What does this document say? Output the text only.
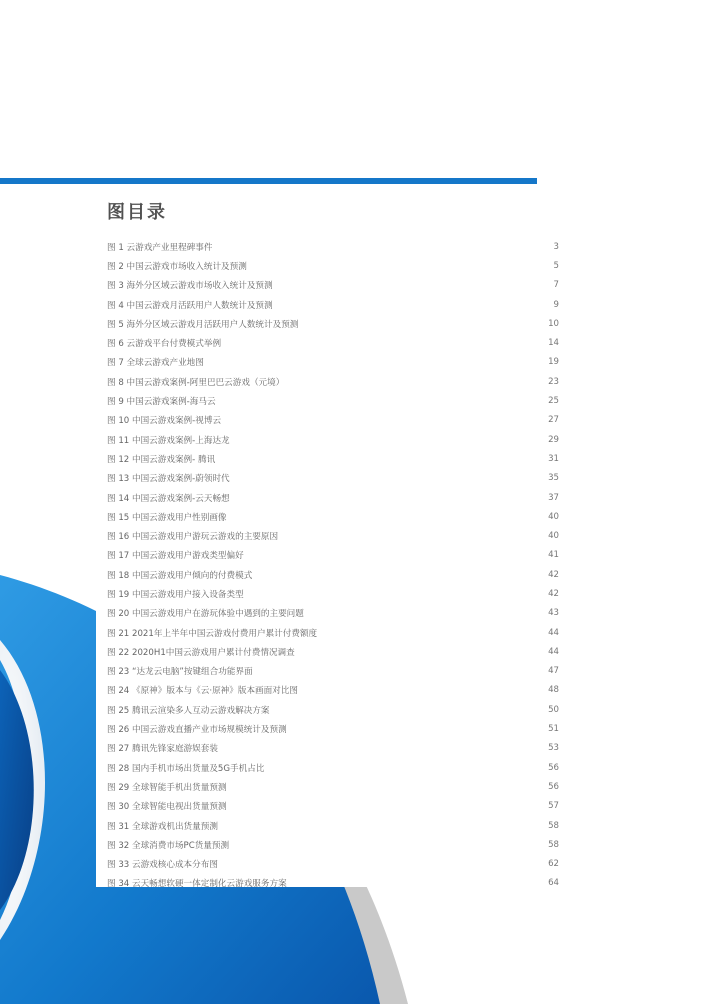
图目录
图 1 云游戏产业里程碑事件	3
图 2 中国云游戏市场收入统计及预测	5
图 3 海外分区域云游戏市场收入统计及预测	7
图 4 中国云游戏月活跃用户人数统计及预测	9
图 5 海外分区域云游戏月活跃用户人数统计及预测	10
图 6 云游戏平台付费模式举例	14
图 7 全球云游戏产业地图	19
图 8 中国云游戏案例-阿里巴巴云游戏（元境）	23
图 9 中国云游戏案例-海马云	25
图 10 中国云游戏案例-视博云	27
图 11 中国云游戏案例-上海达龙	29
图 12 中国云游戏案例- 腾讯	31
图 13 中国云游戏案例-蔚领时代	35
图 14 中国云游戏案例-云天畅想	37
图 15 中国云游戏用户性别画像	40
图 16 中国云游戏用户游玩云游戏的主要原因	40
图 17 中国云游戏用户游戏类型偏好	41
图 18 中国云游戏用户倾向的付费模式	42
图 19 中国云游戏用户接入设备类型	42
图 20 中国云游戏用户在游玩体验中遇到的主要问题	43
图 21 2021年上半年中国云游戏付费用户累计付费额度	44
图 22 2020H1中国云游戏用户累计付费情况调查	44
图 23 “达龙云电脑”按键组合功能界面	47
图 24 《原神》版本与《云·原神》版本画面对比图	48
图 25 腾讯云渲染多人互动云游戏解决方案	50
图 26 中国云游戏直播产业市场规模统计及预测	51
图 27 腾讯先锋家庭游娱套装	53
图 28 国内手机市场出货量及5G手机占比	56
图 29 全球智能手机出货量预测	56
图 30 全球智能电视出货量预测	57
图 31 全球游戏机出货量预测	58
图 32 全球消费市场PC货量预测	58
图 33 云游戏核心成本分布图	62
图 34 云天畅想软硬一体定制化云游戏服务方案	64
